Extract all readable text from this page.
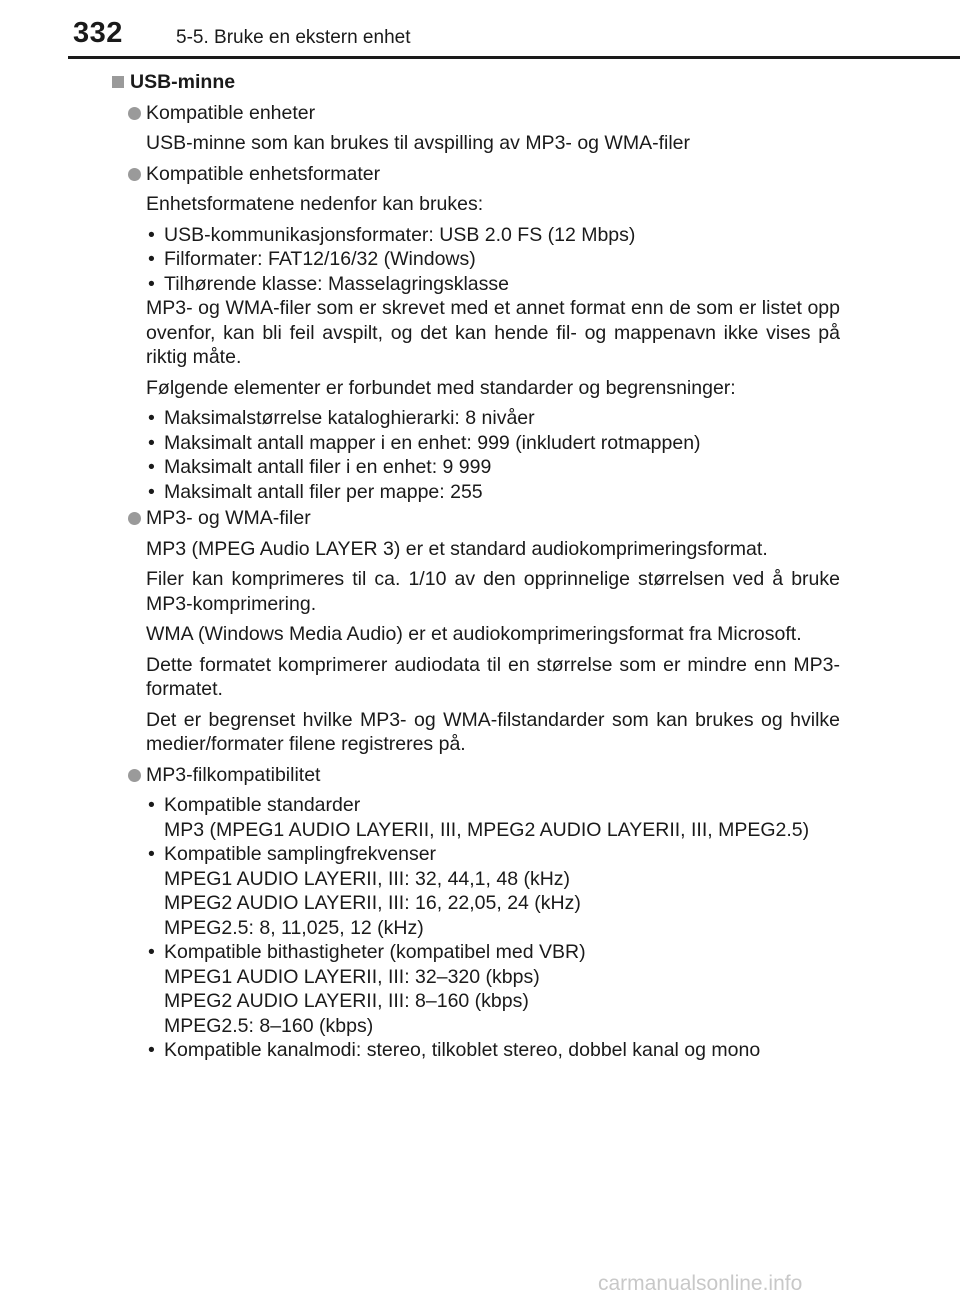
332	5-5. Bruke en ekstern enhet
USB-minne
Kompatible enheter
USB-minne som kan brukes til avspilling av MP3- og WMA-filer
Kompatible enhetsformater
Enhetsformatene nedenfor kan brukes:
• USB-kommunikasjonsformater: USB 2.0 FS (12 Mbps)
• Filformater: FAT12/16/32 (Windows)
• Tilhørende klasse: Masselagringsklasse
MP3- og WMA-filer som er skrevet med et annet format enn de som er listet opp ovenfor, kan bli feil avspilt, og det kan hende fil- og mappenavn ikke vises på riktig måte.
Følgende elementer er forbundet med standarder og begrensninger:
• Maksimalstørrelse kataloghierarki: 8 nivåer
• Maksimalt antall mapper i en enhet: 999 (inkludert rotmappen)
• Maksimalt antall filer i en enhet: 9 999
• Maksimalt antall filer per mappe: 255
MP3- og WMA-filer
MP3 (MPEG Audio LAYER 3) er et standard audiokomprimeringsformat.
Filer kan komprimeres til ca. 1/10 av den opprinnelige størrelsen ved å bruke MP3-komprimering.
WMA (Windows Media Audio) er et audiokomprimeringsformat fra Microsoft.
Dette formatet komprimerer audiodata til en størrelse som er mindre enn MP3-formatet.
Det er begrenset hvilke MP3- og WMA-filstandarder som kan brukes og hvilke medier/formater filene registreres på.
MP3-filkompatibilitet
• Kompatible standarder
MP3 (MPEG1 AUDIO LAYERII, III, MPEG2 AUDIO LAYERII, III, MPEG2.5)
• Kompatible samplingfrekvenser
MPEG1 AUDIO LAYERII, III: 32, 44,1, 48 (kHz)
MPEG2 AUDIO LAYERII, III: 16, 22,05, 24 (kHz)
MPEG2.5: 8, 11,025, 12 (kHz)
• Kompatible bithastigheter (kompatibel med VBR)
MPEG1 AUDIO LAYERII, III: 32–320 (kbps)
MPEG2 AUDIO LAYERII, III: 8–160 (kbps)
MPEG2.5: 8–160 (kbps)
• Kompatible kanalmodi: stereo, tilkoblet stereo, dobbel kanal og mono
carmanualsonline.info
